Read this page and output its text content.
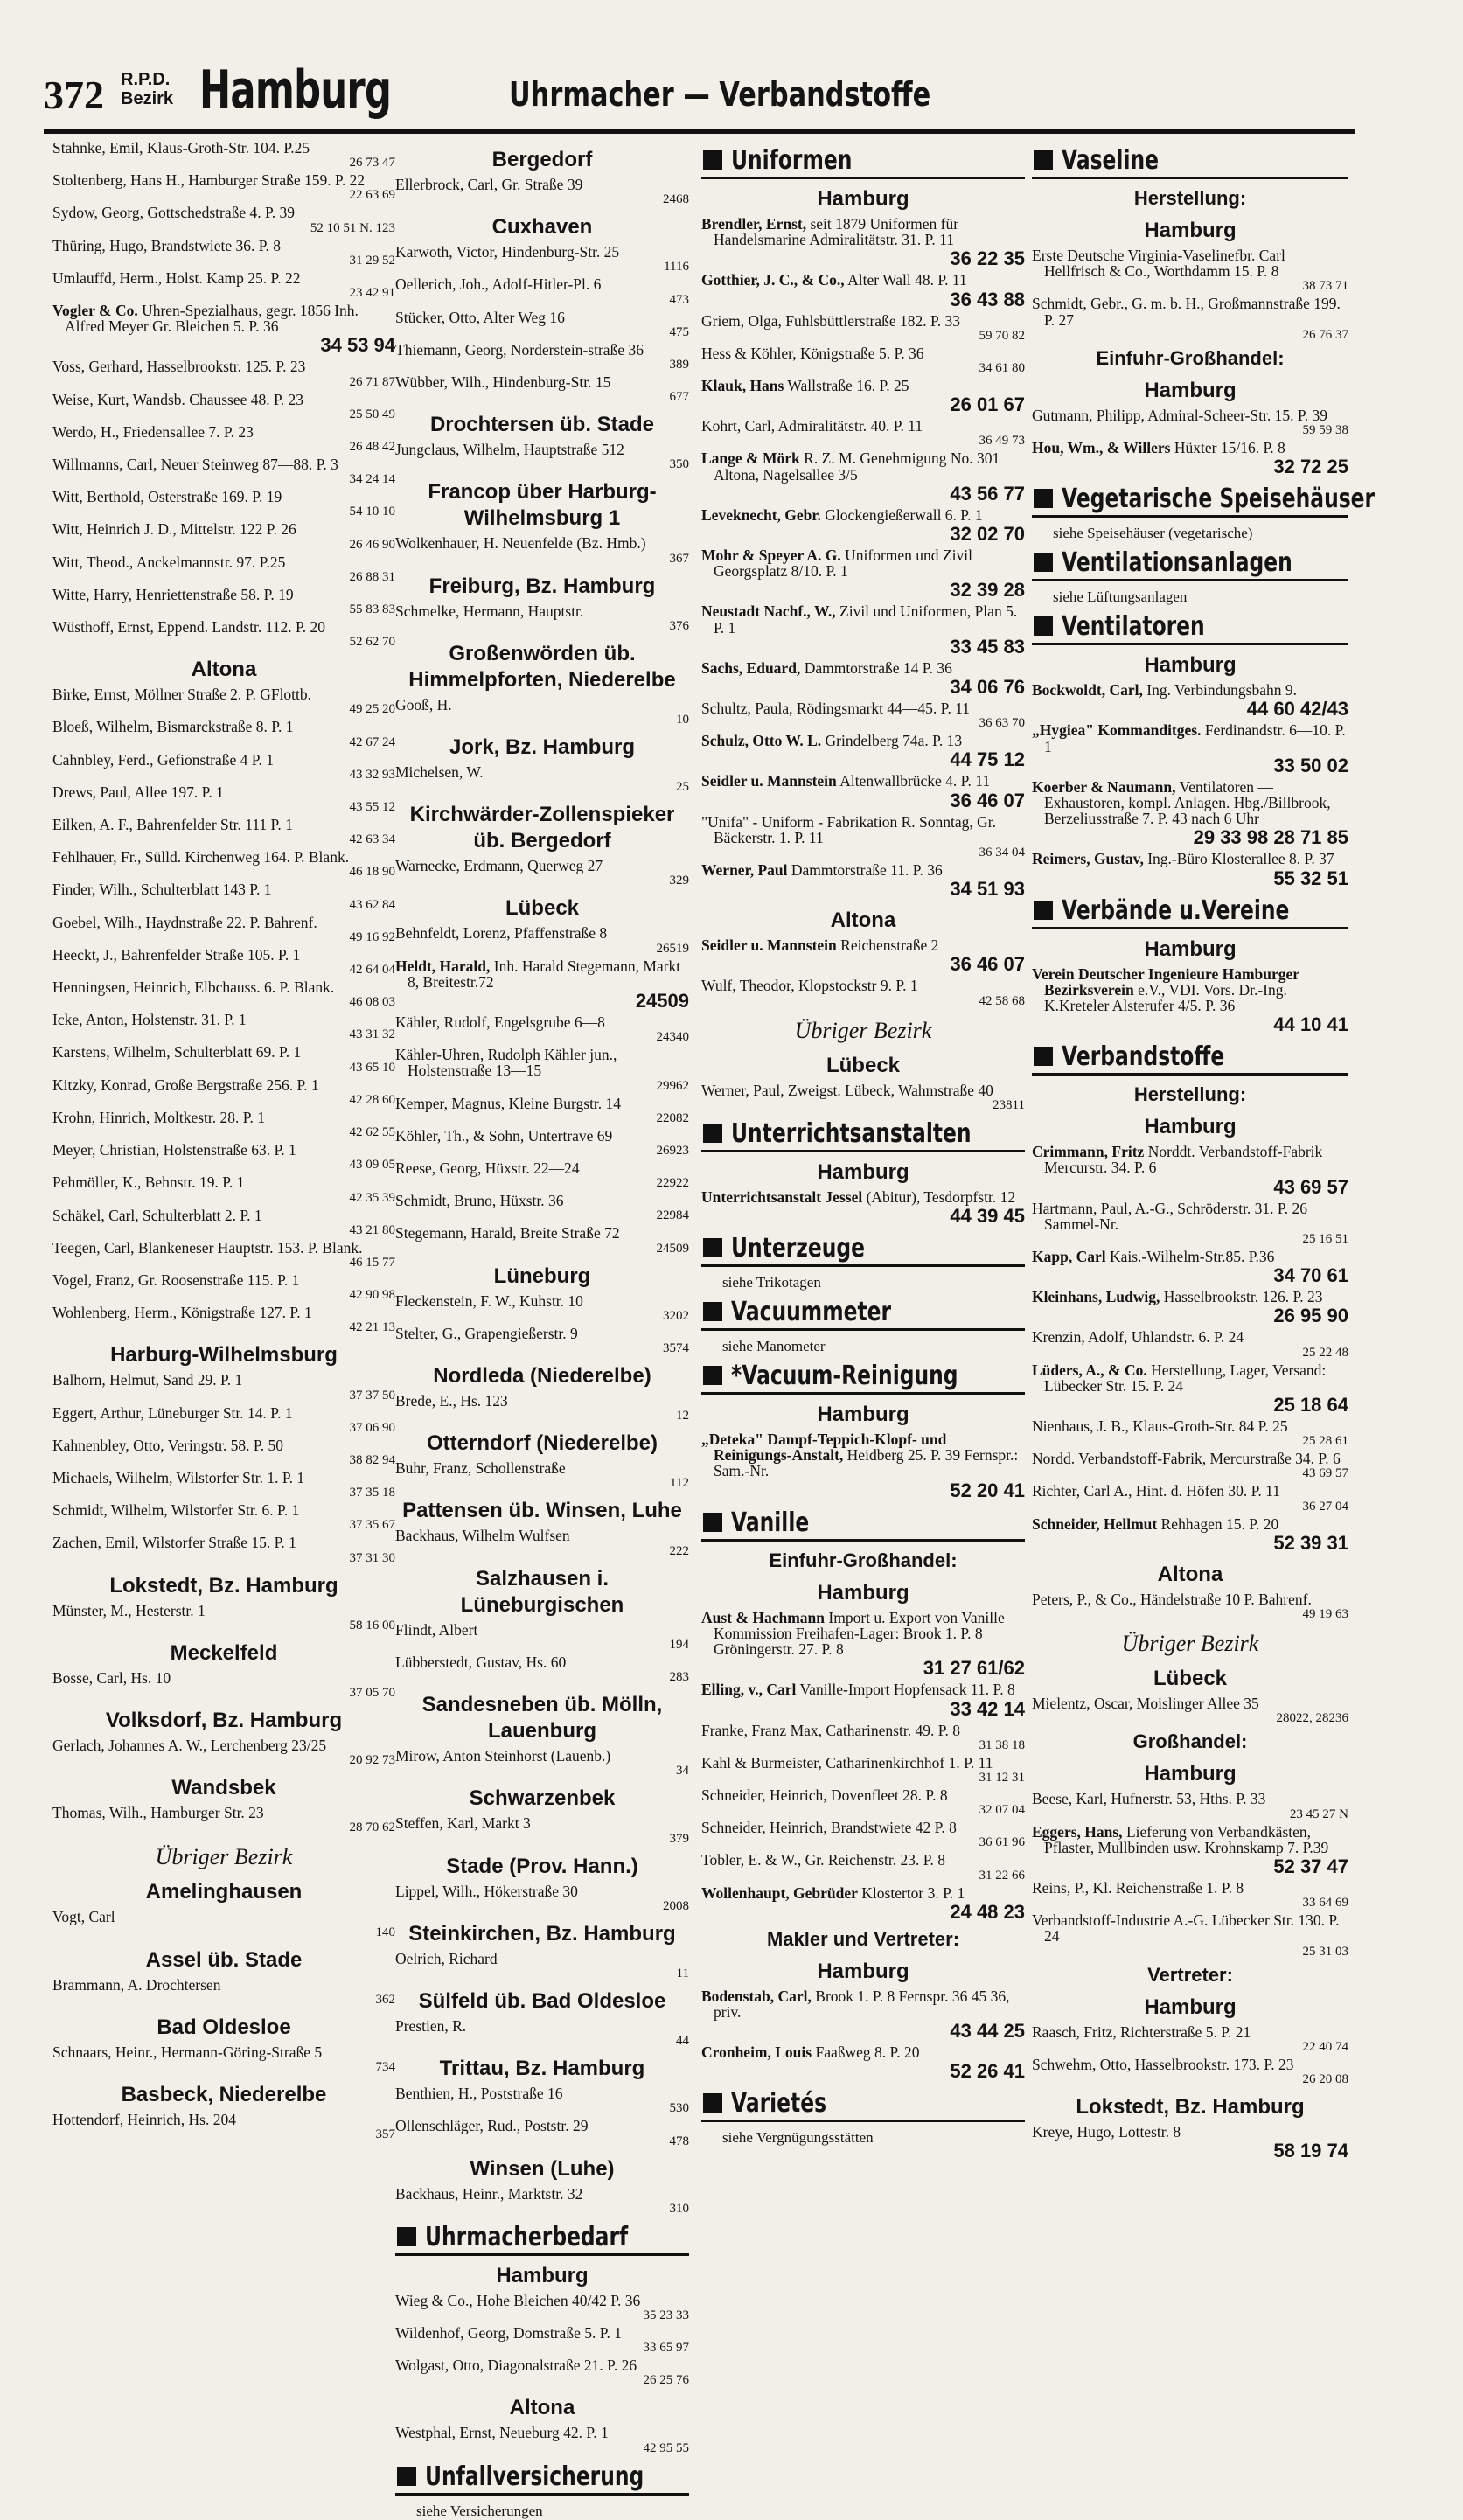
372 R.P.D.
Bezirk Hamburg	Uhrmacher — Verbandstoffe
Stahnke, Emil, Klaus-Groth-Str. 104. P.25
26 73 47
Stoltenberg, Hans H., Hamburger Straße 159. P. 22
22 63 69
Sydow, Georg, Gottschedstraße 4. P. 39
52 10 51 N. 123
Thüring, Hugo, Brandstwiete 36. P. 8
31 29 52
Umlauffd, Herm., Holst. Kamp 25. P. 22
23 42 91
Vogler & Co. Uhren-Spezialhaus, gegr. 1856 Inh. Alfred Meyer Gr. Bleichen 5. P. 36
34 53 94
Voss, Gerhard, Hasselbrookstr. 125. P. 23
26 71 87
Weise, Kurt, Wandsb. Chaussee 48. P. 23
25 50 49
Werdo, H., Friedensallee 7. P. 23
26 48 42
Willmanns, Carl, Neuer Steinweg 87—88. P. 3
34 24 14
Witt, Berthold, Osterstraße 169. P. 19
54 10 10
Witt, Heinrich J. D., Mittelstr. 122 P. 26
26 46 90
Witt, Theod., Anckelmannstr. 97. P.25
26 88 31
Witte, Harry, Henriettenstraße 58. P. 19
55 83 83
Wüsthoff, Ernst, Eppend. Landstr. 112. P. 20
52 62 70
Altona
Birke, Ernst, Möllner Straße 2. P. GFlottb.
49 25 20
Bloeß, Wilhelm, Bismarckstraße 8. P. 1
42 67 24
Cahnbley, Ferd., Gefionstraße 4 P. 1
43 32 93
Drews, Paul, Allee 197. P. 1
43 55 12
Eilken, A. F., Bahrenfelder Str. 111 P. 1
42 63 34
Fehlhauer, Fr., Sülld. Kirchenweg 164. P. Blank.
46 18 90
Finder, Wilh., Schulterblatt 143 P. 1
43 62 84
Goebel, Wilh., Haydnstraße 22. P. Bahrenf.
49 16 92
Heeckt, J., Bahrenfelder Straße 105. P. 1
42 64 04
Henningsen, Heinrich, Elbchauss. 6. P. Blank.
46 08 03
Icke, Anton, Holstenstr. 31. P. 1
43 31 32
Karstens, Wilhelm, Schulterblatt 69. P. 1
43 65 10
Kitzky, Konrad, Große Bergstraße 256. P. 1
42 28 60
Krohn, Hinrich, Moltkestr. 28. P. 1
42 62 55
Meyer, Christian, Holstenstraße 63. P. 1
43 09 05
Pehmöller, K., Behnstr. 19. P. 1
42 35 39
Schäkel, Carl, Schulterblatt 2. P. 1
43 21 80
Teegen, Carl, Blankeneser Hauptstr. 153. P. Blank.
46 15 77
Vogel, Franz, Gr. Roosenstraße 115. P. 1
42 90 98
Wohlenberg, Herm., Königstraße 127. P. 1
42 21 13
Harburg-Wilhelmsburg
Balhorn, Helmut, Sand 29. P. 1
37 37 50
Eggert, Arthur, Lüneburger Str. 14. P. 1
37 06 90
Kahnenbley, Otto, Veringstr. 58. P. 50
38 82 94
Michaels, Wilhelm, Wilstorfer Str. 1. P. 1
37 35 18
Schmidt, Wilhelm, Wilstorfer Str. 6. P. 1
37 35 67
Zachen, Emil, Wilstorfer Straße 15. P. 1
37 31 30
Lokstedt, Bz. Hamburg
Münster, M., Hesterstr. 1
58 16 00
Meckelfeld
Bosse, Carl, Hs. 10
37 05 70
Volksdorf, Bz. Hamburg
Gerlach, Johannes A. W., Lerchenberg 23/25
20 92 73
Wandsbek
Thomas, Wilh., Hamburger Str. 23
28 70 62
Übriger Bezirk
Amelinghausen
Vogt, Carl
140
Assel üb. Stade
Brammann, A. Drochtersen
362
Bad Oldesloe
Schnaars, Heinr., Hermann-Göring-Straße 5
734
Basbeck, Niederelbe
Hottendorf, Heinrich, Hs. 204
357
Bergedorf
Ellerbrock, Carl, Gr. Straße 39
2468
Cuxhaven
Karwoth, Victor, Hindenburg-Str. 25
1116
Oellerich, Joh., Adolf-Hitler-Pl. 6
473
Stücker, Otto, Alter Weg 16
475
Thiemann, Georg, Norderstein-straße 36
389
Wübber, Wilh., Hindenburg-Str. 15
677
Drochtersen üb. Stade
Jungclaus, Wilhelm, Hauptstraße 512
350
Francop über Harburg-Wilhelmsburg 1
Wolkenhauer, H. Neuenfelde (Bz. Hmb.)
367
Freiburg, Bz. Hamburg
Schmelke, Hermann, Hauptstr.
376
Großenwörden üb. Himmelpforten, Niederelbe
Gooß, H.
10
Jork, Bz. Hamburg
Michelsen, W.
25
Kirchwärder-Zollenspieker üb. Bergedorf
Warnecke, Erdmann, Querweg 27
329
Lübeck
Behnfeldt, Lorenz, Pfaffenstraße 8
26519
Heldt, Harald, Inh. Harald Stegemann, Markt 8, Breitestr.72
24509
Kähler, Rudolf, Engelsgrube 6—8
24340
Kähler-Uhren, Rudolph Kähler jun., Holstenstraße 13—15
29962
Kemper, Magnus, Kleine Burgstr. 14
22082
Köhler, Th., & Sohn, Untertrave 69
26923
Reese, Georg, Hüxstr. 22—24
22922
Schmidt, Bruno, Hüxstr. 36
22984
Stegemann, Harald, Breite Straße 72
24509
Lüneburg
Fleckenstein, F. W., Kuhstr. 10
3202
Stelter, G., Grapengießerstr. 9
3574
Nordleda (Niederelbe)
Brede, E., Hs. 123
12
Otterndorf (Niederelbe)
Buhr, Franz, Schollenstraße
112
Pattensen üb. Winsen, Luhe
Backhaus, Wilhelm Wulfsen
222
Salzhausen i. Lüneburgischen
Flindt, Albert
194
Lübberstedt, Gustav, Hs. 60
283
Sandesneben üb. Mölln, Lauenburg
Mirow, Anton Steinhorst (Lauenb.)
34
Schwarzenbek
Steffen, Karl, Markt 3
379
Stade (Prov. Hann.)
Lippel, Wilh., Hökerstraße 30
2008
Steinkirchen, Bz. Hamburg
Oelrich, Richard
11
Sülfeld üb. Bad Oldesloe
Prestien, R.
44
Trittau, Bz. Hamburg
Benthien, H., Poststraße 16
530
Ollenschläger, Rud., Poststr. 29
478
Winsen (Luhe)
Backhaus, Heinr., Marktstr. 32
310
Uhrmacherbedarf
Hamburg
Wieg & Co., Hohe Bleichen 40/42 P. 36
35 23 33
Wildenhof, Georg, Domstraße 5. P. 1
33 65 97
Wolgast, Otto, Diagonalstraße 21. P. 26
26 25 76
Altona
Westphal, Ernst, Neueburg 42. P. 1
42 95 55
Unfallversicherung
siehe Versicherungen
Uniformen
Hamburg
Brendler, Ernst, seit 1879 Uniformen für Handelsmarine Admiralitätstr. 31. P. 11
36 22 35
Gotthier, J. C., & Co., Alter Wall 48. P. 11
36 43 88
Griem, Olga, Fuhlsbüttlerstraße 182. P. 33
59 70 82
Hess & Köhler, Königstraße 5. P. 36
34 61 80
Klauk, Hans Wallstraße 16. P. 25
26 01 67
Kohrt, Carl, Admiralitätstr. 40. P. 11
36 49 73
Lange & Mörk R. Z. M. Genehmigung No. 301 Altona, Nagelsallee 3/5
43 56 77
Leveknecht, Gebr. Glockengießerwall 6. P. 1
32 02 70
Mohr & Speyer A. G. Uniformen und Zivil Georgsplatz 8/10. P. 1
32 39 28
Neustadt Nachf., W., Zivil und Uniformen, Plan 5. P. 1
33 45 83
Sachs, Eduard, Dammtorstraße 14 P. 36
34 06 76
Schultz, Paula, Rödingsmarkt 44—45. P. 11
36 63 70
Schulz, Otto W. L. Grindelberg 74a. P. 13
44 75 12
Seidler u. Mannstein Altenwallbrücke 4. P. 11
36 46 07
"Unifa" - Uniform - Fabrikation R. Sonntag, Gr. Bäckerstr. 1. P. 11
36 34 04
Werner, Paul Dammtorstraße 11. P. 36
34 51 93
Altona
Seidler u. Mannstein Reichenstraße 2
36 46 07
Wulf, Theodor, Klopstockstr 9. P. 1
42 58 68
Übriger Bezirk
Lübeck
Werner, Paul, Zweigst. Lübeck, Wahmstraße 40
23811
Unterrichtsanstalten
Hamburg
Unterrichtsanstalt Jessel (Abitur), Tesdorpfstr. 12
44 39 45
Unterzeuge
siehe Trikotagen
Vacuummeter
siehe Manometer
*Vacuum-Reinigung
Hamburg
„Deteka" Dampf-Teppich-Klopf- und Reinigungs-Anstalt, Heidberg 25. P. 39 Fernspr.: Sam.-Nr.
52 20 41
Vanille
Einfuhr-Großhandel:
Hamburg
Aust & Hachmann Import u. Export von Vanille Kommission Freihafen-Lager: Brook 1. P. 8 Gröningerstr. 27. P. 8
31 27 61/62
Elling, v., Carl Vanille-Import Hopfensack 11. P. 8
33 42 14
Franke, Franz Max, Catharinenstr. 49. P. 8
31 38 18
Kahl & Burmeister, Catharinenkirchhof 1. P. 11
31 12 31
Schneider, Heinrich, Dovenfleet 28. P. 8
32 07 04
Schneider, Heinrich, Brandstwiete 42 P. 8
36 61 96
Tobler, E. & W., Gr. Reichenstr. 23. P. 8
31 22 66
Wollenhaupt, Gebrüder Klostertor 3. P. 1
24 48 23
Makler und Vertreter:
Hamburg
Bodenstab, Carl, Brook 1. P. 8 Fernspr. 36 45 36, priv.
43 44 25
Cronheim, Louis Faaßweg 8. P. 20
52 26 41
Varietés
siehe Vergnügungsstätten
Vaseline
Herstellung:
Hamburg
Erste Deutsche Virginia-Vaselinefbr. Carl Hellfrisch & Co., Worthdamm 15. P. 8
38 73 71
Schmidt, Gebr., G. m. b. H., Großmannstraße 199. P. 27
26 76 37
Einfuhr-Großhandel:
Hamburg
Gutmann, Philipp, Admiral-Scheer-Str. 15. P. 39
59 59 38
Hou, Wm., & Willers Hüxter 15/16. P. 8
32 72 25
Vegetarische Speisehäuser
siehe Speisehäuser (vegetarische)
Ventilationsanlagen
siehe Lüftungsanlagen
Ventilatoren
Hamburg
Bockwoldt, Carl, Ing. Verbindungsbahn 9.
44 60 42/43
„Hygiea" Kommanditges. Ferdinandstr. 6—10. P. 1
33 50 02
Koerber & Naumann, Ventilatoren — Exhaustoren, kompl. Anlagen. Hbg./Billbrook, Berzeliusstraße 7. P. 43 nach 6 Uhr
29 33 98 28 71 85
Reimers, Gustav, Ing.-Büro Klosterallee 8. P. 37
55 32 51
Verbände u.Vereine
Hamburg
Verein Deutscher Ingenieure Hamburger Bezirksverein e.V., VDI. Vors. Dr.-Ing. K.Kreteler Alsterufer 4/5. P. 36
44 10 41
Verbandstoffe
Herstellung:
Hamburg
Crimmann, Fritz Norddt. Verbandstoff-Fabrik Mercurstr. 34. P. 6
43 69 57
Hartmann, Paul, A.-G., Schröderstr. 31. P. 26 Sammel-Nr.
25 16 51
Kapp, Carl Kais.-Wilhelm-Str.85. P.36
34 70 61
Kleinhans, Ludwig, Hasselbrookstr. 126. P. 23
26 95 90
Krenzin, Adolf, Uhlandstr. 6. P. 24
25 22 48
Lüders, A., & Co. Herstellung, Lager, Versand: Lübecker Str. 15. P. 24
25 18 64
Nienhaus, J. B., Klaus-Groth-Str. 84 P. 25
25 28 61
Nordd. Verbandstoff-Fabrik, Mercurstraße 34. P. 6
43 69 57
Richter, Carl A., Hint. d. Höfen 30. P. 11
36 27 04
Schneider, Hellmut Rehhagen 15. P. 20
52 39 31
Altona
Peters, P., & Co., Händelstraße 10 P. Bahrenf.
49 19 63
Übriger Bezirk
Lübeck
Mielentz, Oscar, Moislinger Allee 35
28022, 28236
Großhandel:
Hamburg
Beese, Karl, Hufnerstr. 53, Hths. P. 33
23 45 27 N
Eggers, Hans, Lieferung von Verbandkästen, Pflaster, Mullbinden usw. Krohnskamp 7. P.39
52 37 47
Reins, P., Kl. Reichenstraße 1. P. 8
33 64 69
Verbandstoff-Industrie A.-G. Lübecker Str. 130. P. 24
25 31 03
Vertreter:
Hamburg
Raasch, Fritz, Richterstraße 5. P. 21
22 40 74
Schwehm, Otto, Hasselbrookstr. 173. P. 23
26 20 08
Lokstedt, Bz. Hamburg
Kreye, Hugo, Lottestr. 8
58 19 74
